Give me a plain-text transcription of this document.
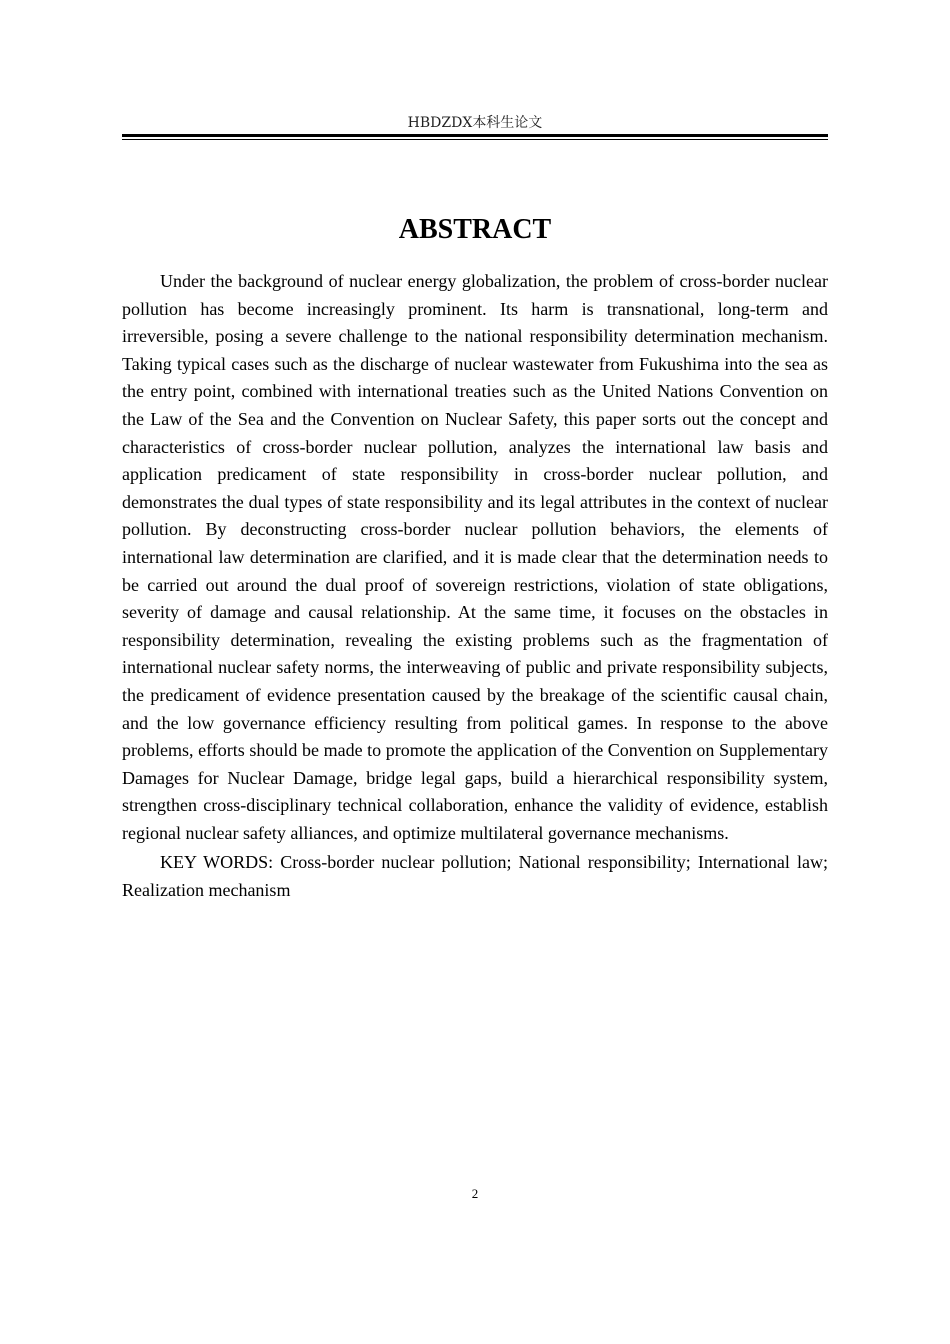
HBDZDX本科生论文
ABSTRACT

Under the background of nuclear energy globalization, the problem of cross-border nuclear pollution has become increasingly prominent. Its harm is transnational, long-term and irreversible, posing a severe challenge to the national responsibility determination mechanism. Taking typical cases such as the discharge of nuclear wastewater from Fukushima into the sea as the entry point, combined with international treaties such as the United Nations Convention on the Law of the Sea and the Convention on Nuclear Safety, this paper sorts out the concept and characteristics of cross-border nuclear pollution, analyzes the international law basis and application predicament of state responsibility in cross-border nuclear pollution, and demonstrates the dual types of state responsibility and its legal attributes in the context of nuclear pollution. By deconstructing cross-border nuclear pollution behaviors, the elements of international law determination are clarified, and it is made clear that the determination needs to be carried out around the dual proof of sovereign restrictions, violation of state obligations, severity of damage and causal relationship. At the same time, it focuses on the obstacles in responsibility determination, revealing the existing problems such as the fragmentation of international nuclear safety norms, the interweaving of public and private responsibility subjects, the predicament of evidence presentation caused by the breakage of the scientific causal chain, and the low governance efficiency resulting from political games. In response to the above problems, efforts should be made to promote the application of the Convention on Supplementary Damages for Nuclear Damage, bridge legal gaps, build a hierarchical responsibility system, strengthen cross-disciplinary technical collaboration, enhance the validity of evidence, establish regional nuclear safety alliances, and optimize multilateral governance mechanisms.

KEY WORDS: Cross-border nuclear pollution; National responsibility; International law; Realization mechanism

2
